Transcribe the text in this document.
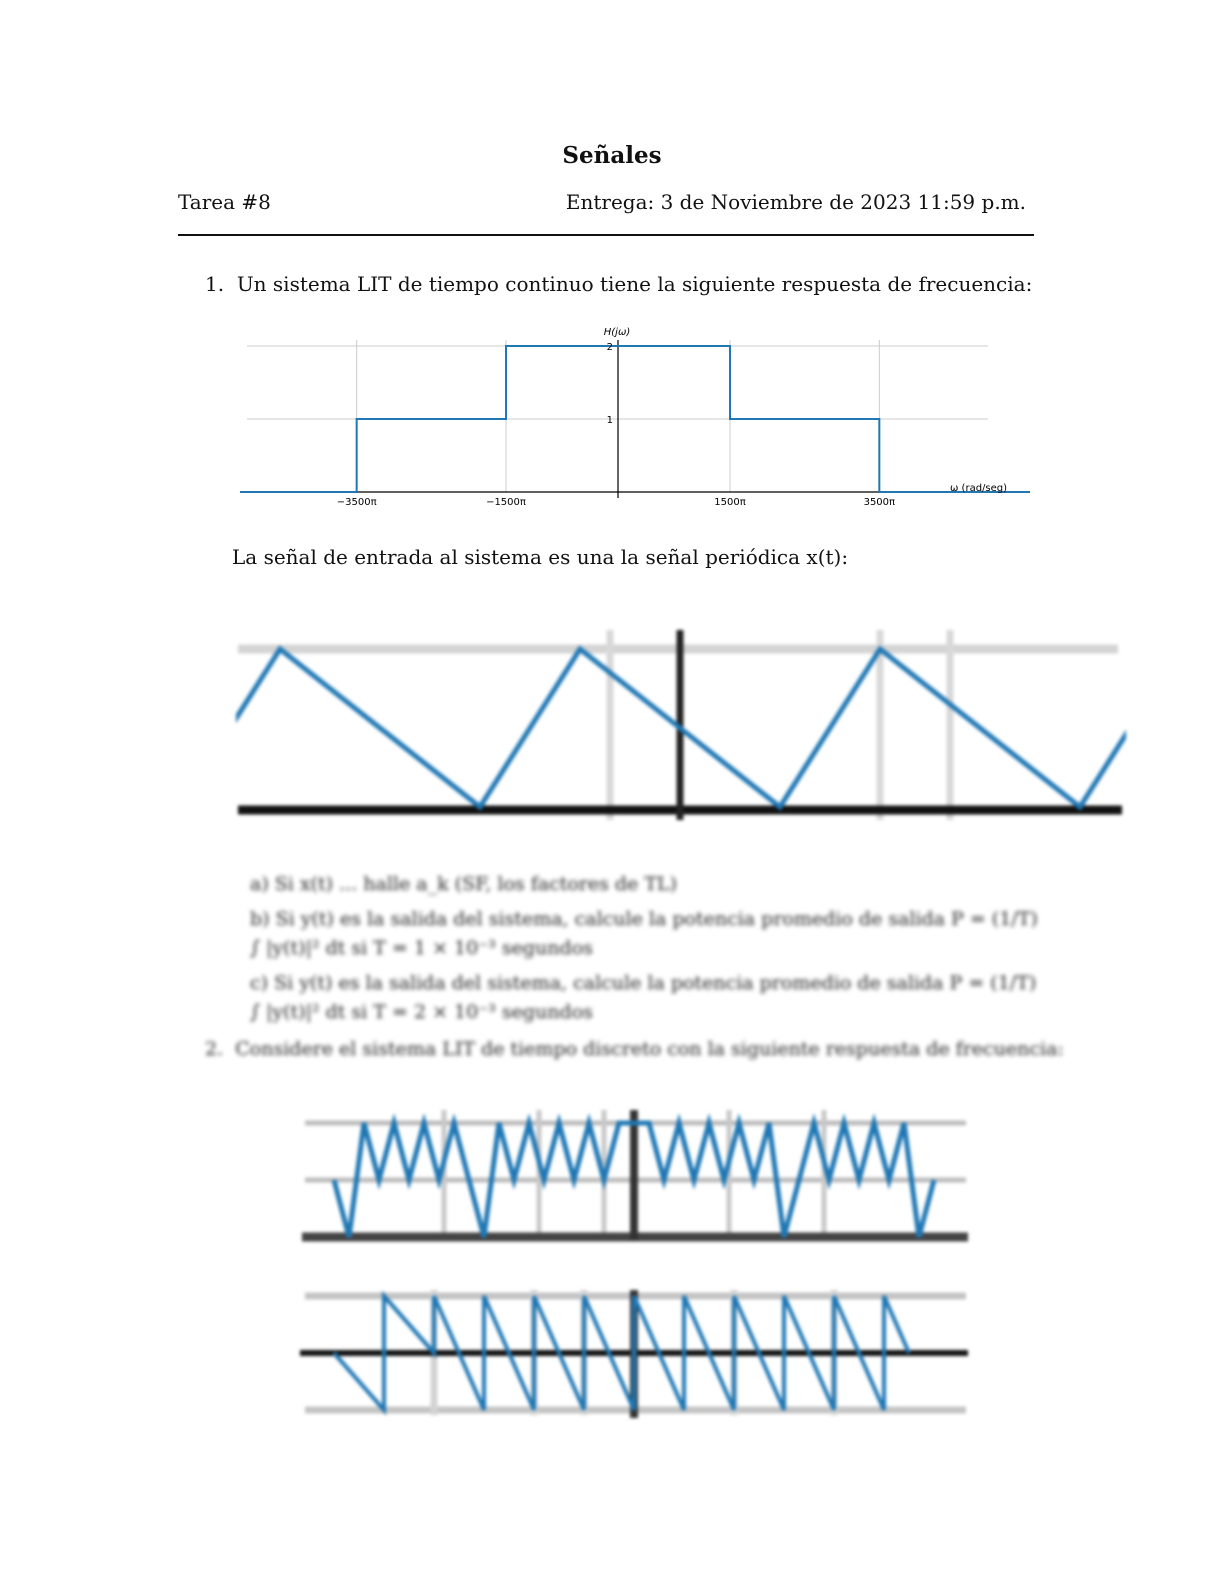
Señales
Tarea #8	Entrega: 3 de Noviembre de 2023 11:59 p.m.
1. Un sistema LIT de tiempo continuo tiene la siguiente respuesta de frecuencia:
−3500π	−1500π	1500π	3500π
1
2
H(jω)
ω (rad/seg)
La señal de entrada al sistema es una la señal periódica x(t):
a) Si x(t) ... halle a_k (SF, los factores de TL)
b) Si y(t) es la salida del sistema, calcule la potencia promedio de salida P = (1/T) ∫ |y(t)|² dt si T = 1 × 10⁻³ segundos
c) Si y(t) es la salida del sistema, calcule la potencia promedio de salida P = (1/T) ∫ |y(t)|² dt si T = 2 × 10⁻³ segundos
2. Considere el sistema LIT de tiempo discreto con la siguiente respuesta de frecuencia:
